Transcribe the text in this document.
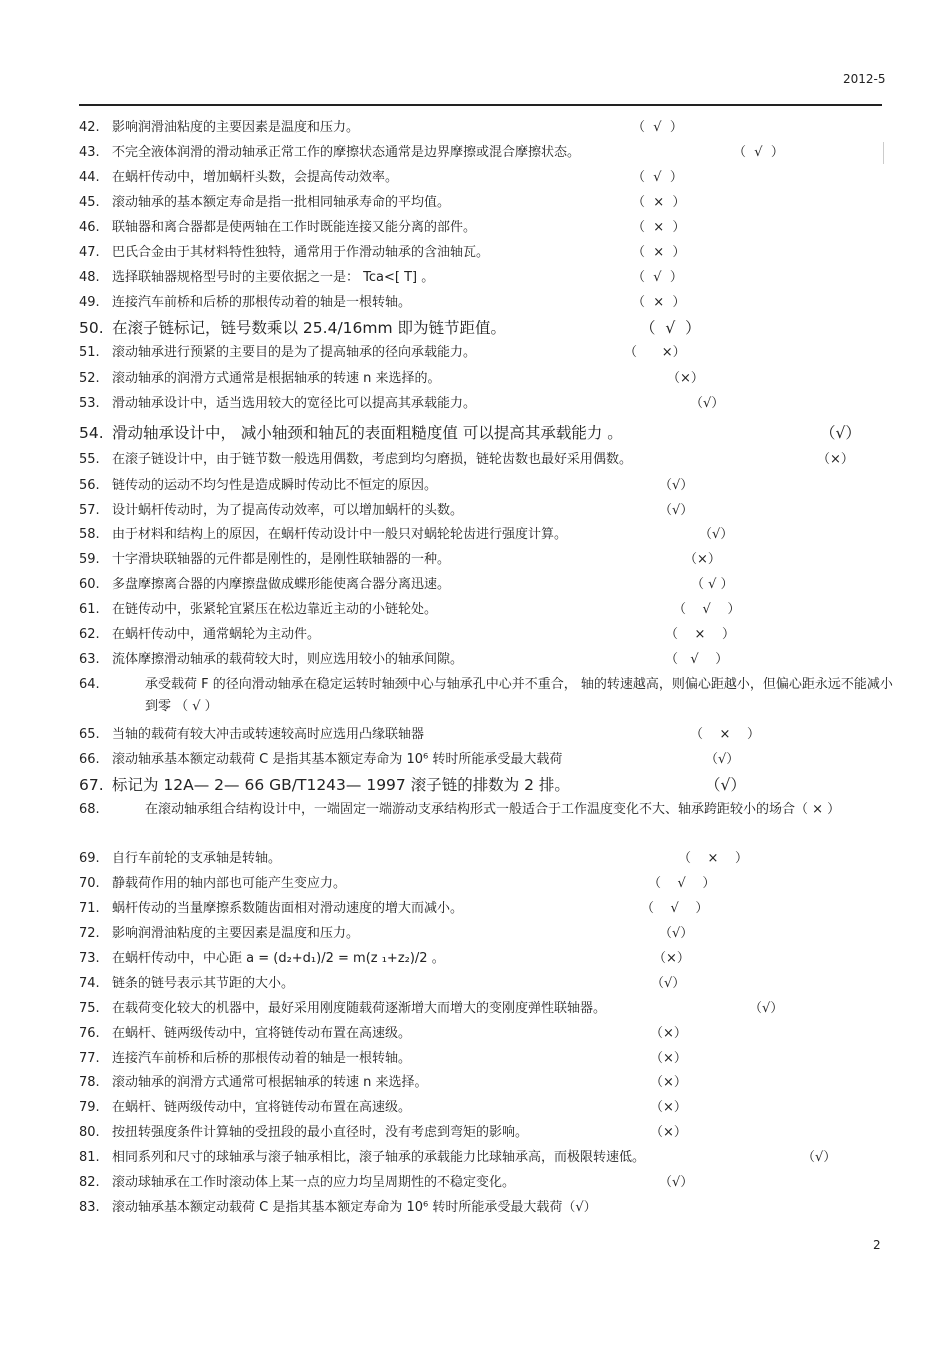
2012-5
42. 影响润滑油粘度的主要因素是温度和压力。	（  √  ）
43. 不完全液体润滑的滑动轴承正常工作的摩擦状态通常是边界摩擦或混合摩擦状态。	（  √  ）
44. 在蜗杆传动中，增加蜗杆头数，会提高传动效率。	（  √  ）
45. 滚动轴承的基本额定寿命是指一批相同轴承寿命的平均值。	（  ×  ）
46. 联轴器和离合器都是使两轴在工作时既能连接又能分离的部件。	（  ×  ）
47. 巴氏合金由于其材料特性独特，通常用于作滑动轴承的含油轴瓦。	（  ×  ）
48. 选择联轴器规格型号时的主要依据之一是： Tca<[ T] 。	（  √  ）
49. 连接汽车前桥和后桥的那根传动着的轴是一根转轴。	（  ×  ）
50. 在滚子链标记，链号数乘以 25.4/16mm 即为链节距值。	（  √  ）
51. 滚动轴承进行预紧的主要目的是为了提高轴承的径向承载能力。	（      ×）
52. 滚动轴承的润滑方式通常是根据轴承的转速 n 来选择的。	（×）
53. 滑动轴承设计中，适当选用较大的宽径比可以提高其承载能力。	（√）
54. 滑动轴承设计中， 减小轴颈和轴瓦的表面粗糙度值 可以提高其承载能力 。	（√）
55. 在滚子链设计中，由于链节数一般选用偶数，考虑到均匀磨损，链轮齿数也最好采用偶数。	（×）
56. 链传动的运动不均匀性是造成瞬时传动比不恒定的原因。	（√）
57. 设计蜗杆传动时，为了提高传动效率，可以增加蜗杆的头数。	（√）
58. 由于材料和结构上的原因，在蜗杆传动设计中一般只对蜗轮轮齿进行强度计算。	（√）
59. 十字滑块联轴器的元件都是刚性的，是刚性联轴器的一种。	（×）
60. 多盘摩擦离合器的内摩擦盘做成蝶形能使离合器分离迅速。	（ √ ）
61. 在链传动中，张紧轮宜紧压在松边靠近主动的小链轮处。	（    √    ）
62. 在蜗杆传动中，通常蜗轮为主动件。	（    ×    ）
63. 流体摩擦滑动轴承的载荷较大时，则应选用较小的轴承间隙。	（   √    ）
64.	承受载荷 F 的径向滑动轴承在稳定运转时轴颈中心与轴承孔中心并不重合， 轴的转速越高，则偏心距越小，但偏心距永远不能减小到零 （ √ ）
65. 当轴的载荷有较大冲击或转速较高时应选用凸缘联轴器	（    ×    ）
66. 滚动轴承基本额定动载荷 C 是指其基本额定寿命为 10⁶ 转时所能承受最大载荷	（√）
67. 标记为 12A— 2— 66 GB/T1243— 1997 滚子链的排数为 2 排。	（√）
68.	在滚动轴承组合结构设计中，一端固定一端游动支承结构形式一般适合于工作温度变化不大、轴承跨距较小的场合（ × ）
69. 自行车前轮的支承轴是转轴。	（    ×    ）
70. 静载荷作用的轴内部也可能产生变应力。	（    √    ）
71. 蜗杆传动的当量摩擦系数随齿面相对滑动速度的增大而减小。	（    √    ）
72. 影响润滑油粘度的主要因素是温度和压力。	（√）
73. 在蜗杆传动中，中心距 a = (d₂+d₁)/2 = m(z ₁+z₂)/2 。	（×）
74. 链条的链号表示其节距的大小。	（√）
75. 在载荷变化较大的机器中，最好采用刚度随载荷逐渐增大而增大的变刚度弹性联轴器。	（√）
76. 在蜗杆、链两级传动中，宜将链传动布置在高速级。	（×）
77. 连接汽车前桥和后桥的那根传动着的轴是一根转轴。	（×）
78. 滚动轴承的润滑方式通常可根据轴承的转速 n 来选择。	（×）
79. 在蜗杆、链两级传动中，宜将链传动布置在高速级。	（×）
80. 按扭转强度条件计算轴的受扭段的最小直径时，没有考虑到弯矩的影响。	（×）
81. 相同系列和尺寸的球轴承与滚子轴承相比，滚子轴承的承载能力比球轴承高，而极限转速低。	（√）
82. 滚动球轴承在工作时滚动体上某一点的应力均呈周期性的不稳定变化。	（√）
83. 滚动轴承基本额定动载荷 C 是指其基本额定寿命为 10⁶ 转时所能承受最大载荷（√）
2
